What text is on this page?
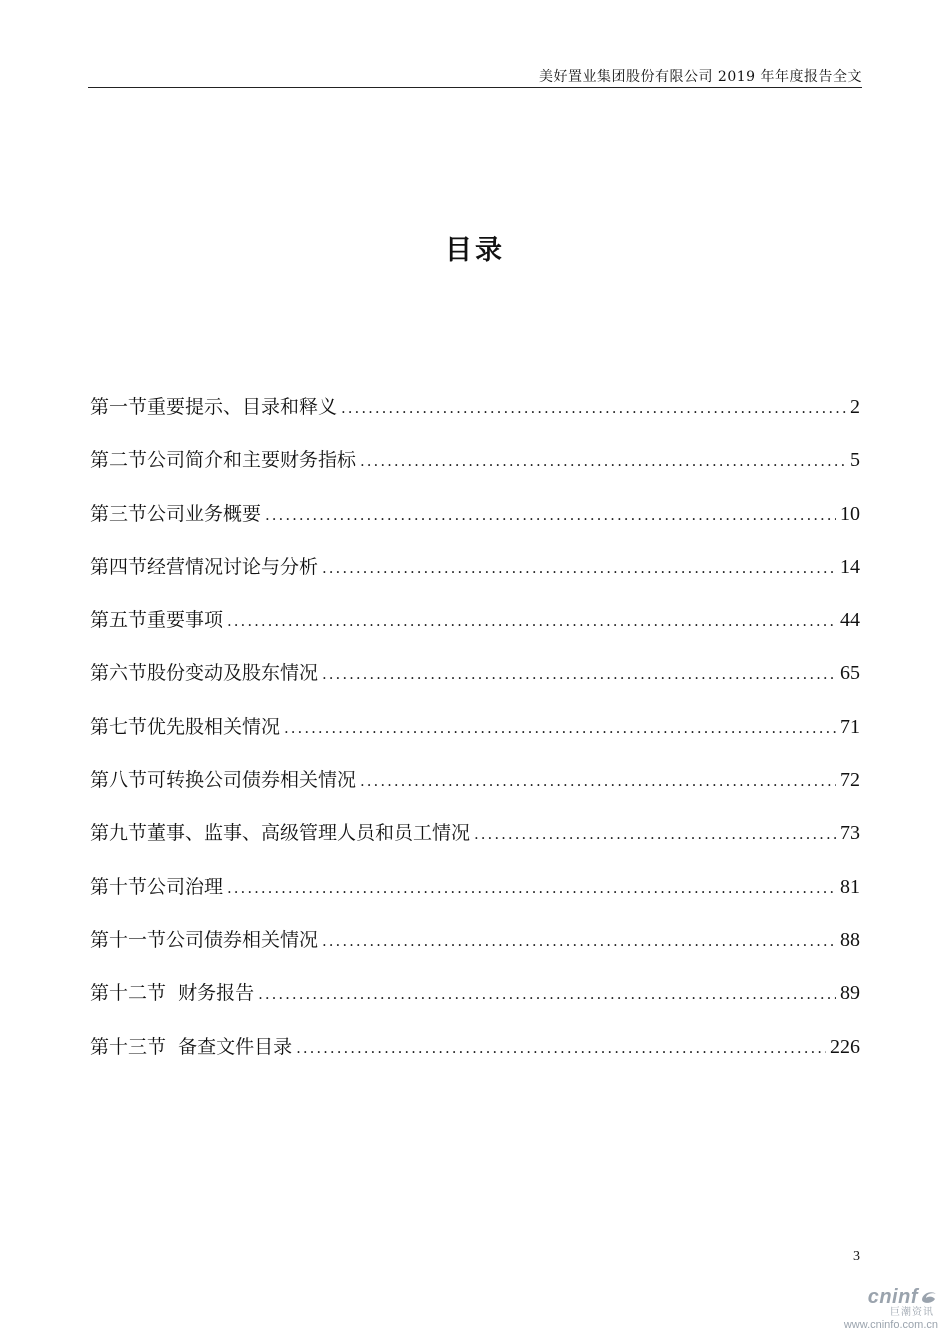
美好置业集团股份有限公司 2019 年年度报告全文
目录
第一节重要提示、目录和释义 .....	2
第二节公司简介和主要财务指标 .....	5
第三节公司业务概要 .....	10
第四节经营情况讨论与分析 .....	14
第五节重要事项 .....	44
第六节股份变动及股东情况 .....	65
第七节优先股相关情况 .....	71
第八节可转换公司债券相关情况 .....	72
第九节董事、监事、高级管理人员和员工情况 .....	73
第十节公司治理 .....	81
第十一节公司债券相关情况 .....	88
第十二节  财务报告 .....	89
第十三节  备查文件目录 .....	226
3
cninf
巨潮资讯
www.cninfo.com.cn
